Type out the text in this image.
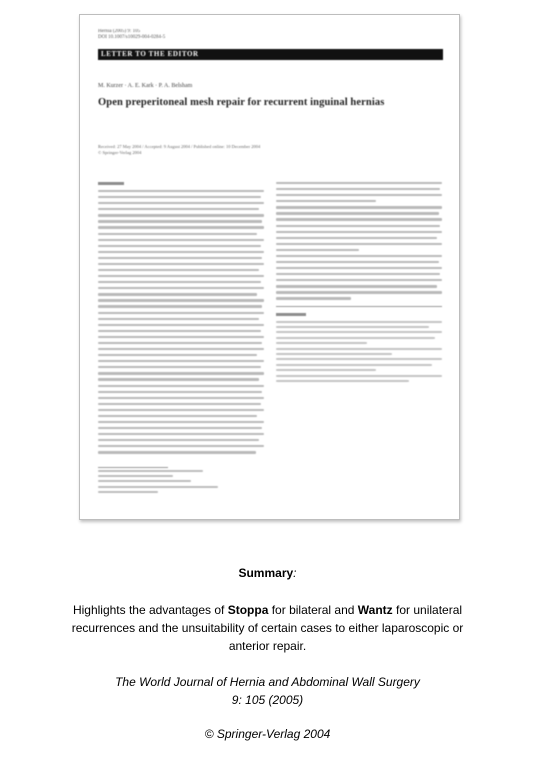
Hernia (2005) 9: 105
DOI 10.1007/s10029-004-0284-5
LETTER TO THE EDITOR
M. Kurzer · A. E. Kark · P. A. Belsham
Open preperitoneal mesh repair for recurrent inguinal hernias
Received: 27 May 2004 / Accepted: 9 August 2004 / Published online: 10 December 2004
© Springer-Verlag 2004
Summary:
Highlights the advantages of Stoppa for bilateral and Wantz for unilateral recurrences and the unsuitability of certain cases to either laparoscopic or anterior repair.
The World Journal of Hernia and Abdominal Wall Surgery
9: 105 (2005)
© Springer-Verlag 2004
